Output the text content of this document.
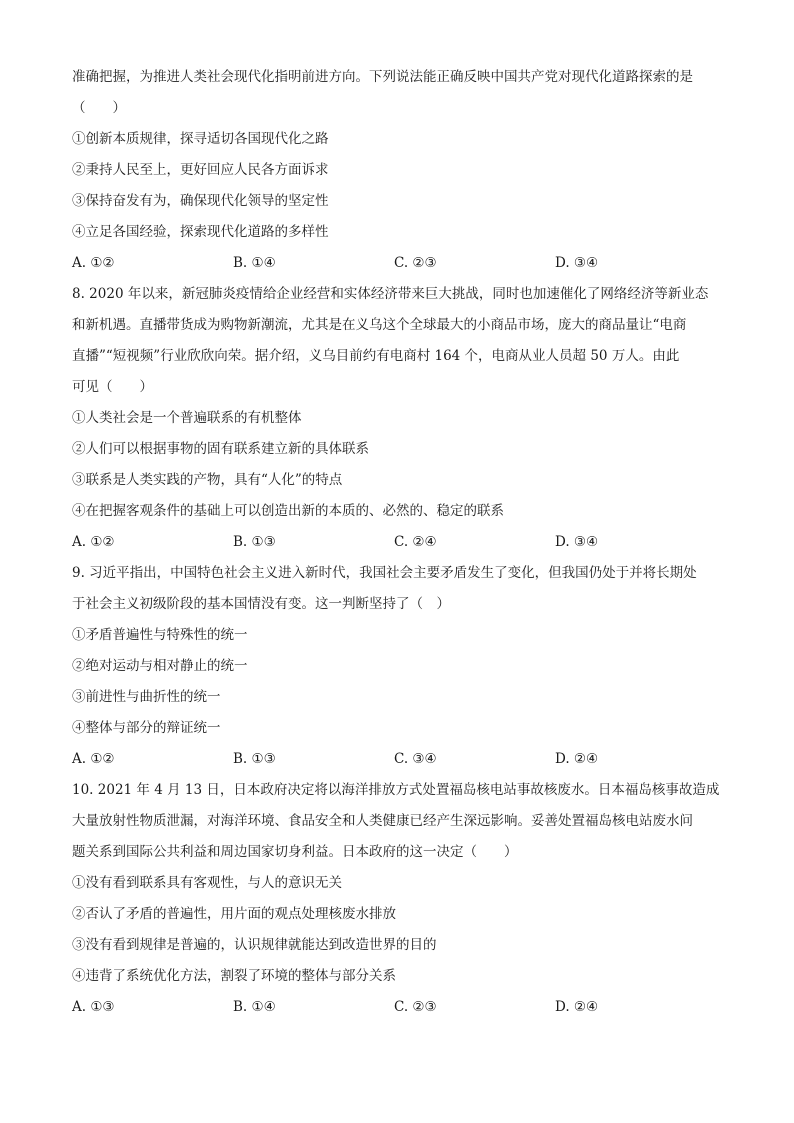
准确把握，为推进人类社会现代化指明前进方向。下列说法能正确反映中国共产党对现代化道路探索的是
（　　）
①创新本质规律，探寻适切各国现代化之路
②秉持人民至上，更好回应人民各方面诉求
③保持奋发有为，确保现代化领导的坚定性
④立足各国经验，探索现代化道路的多样性
A. ①②	B. ①④	C. ②③	D. ③④
8. 2020 年以来，新冠肺炎疫情给企业经营和实体经济带来巨大挑战，同时也加速催化了网络经济等新业态
和新机遇。直播带货成为购物新潮流，尤其是在义乌这个全球最大的小商品市场，庞大的商品量让“电商
直播”“短视频”行业欣欣向荣。据介绍，义乌目前约有电商村 164 个，电商从业人员超 50 万人。由此
可见（　　）
①人类社会是一个普遍联系的有机整体
②人们可以根据事物的固有联系建立新的具体联系
③联系是人类实践的产物，具有“人化”的特点
④在把握客观条件的基础上可以创造出新的本质的、必然的、稳定的联系
A. ①②	B. ①③	C. ②④	D. ③④
9. 习近平指出，中国特色社会主义进入新时代，我国社会主要矛盾发生了变化，但我国仍处于并将长期处
于社会主义初级阶段的基本国情没有变。这一判断坚持了（　）
①矛盾普遍性与特殊性的统一
②绝对运动与相对静止的统一
③前进性与曲折性的统一
④整体与部分的辩证统一
A. ①②	B. ①③	C. ③④	D. ②④
10. 2021 年 4 月 13 日，日本政府决定将以海洋排放方式处置福岛核电站事故核废水。日本福岛核事故造成
大量放射性物质泄漏，对海洋环境、食品安全和人类健康已经产生深远影响。妥善处置福岛核电站废水问
题关系到国际公共利益和周边国家切身利益。日本政府的这一决定（　　）
①没有看到联系具有客观性，与人的意识无关
②否认了矛盾的普遍性，用片面的观点处理核废水排放
③没有看到规律是普遍的，认识规律就能达到改造世界的目的
④违背了系统优化方法，割裂了环境的整体与部分关系
A. ①③	B. ①④	C. ②③	D. ②④
